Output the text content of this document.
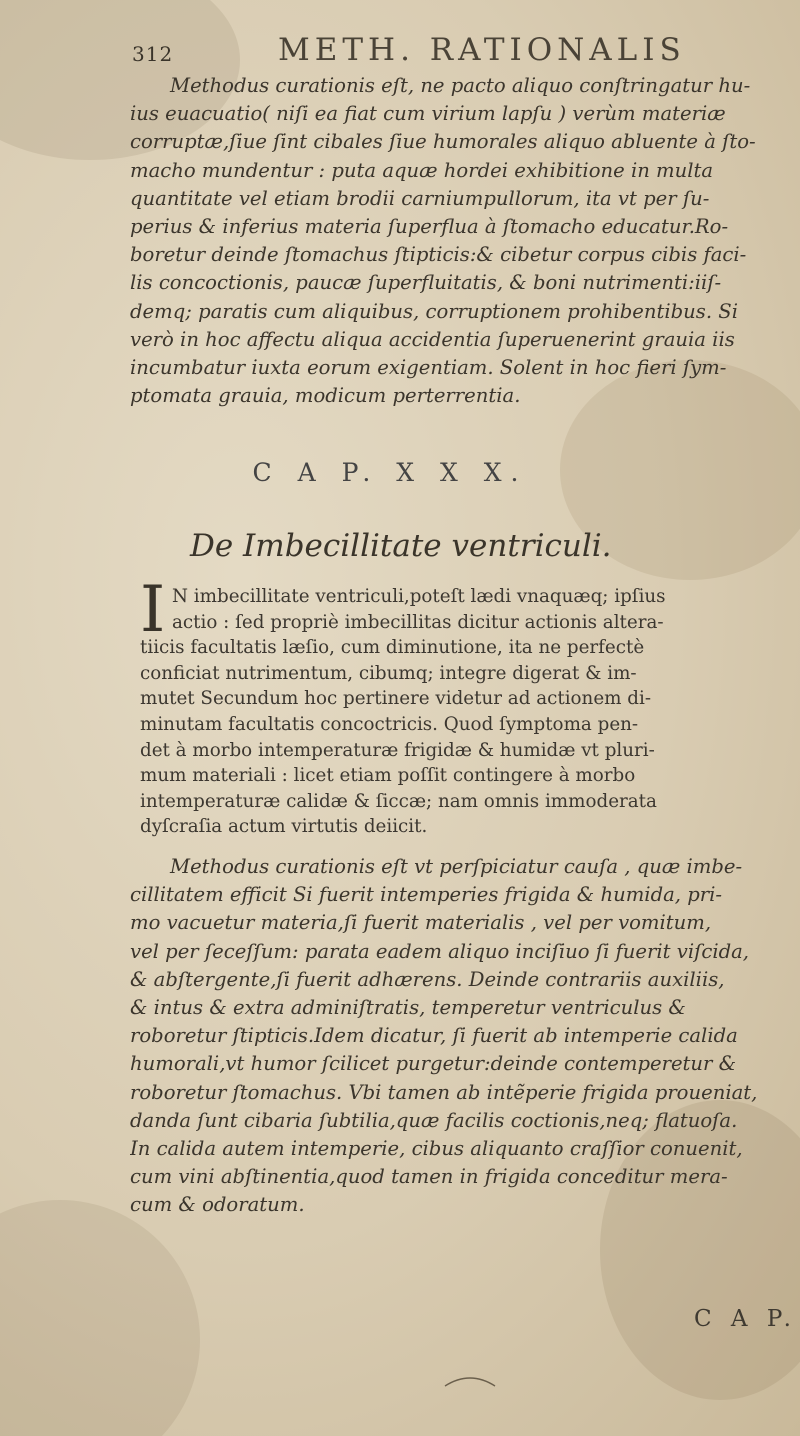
312	METH. RATIONALIS
Methodus curationis eſt, ne pacto aliquo conſtringatur hu-
ius euacuatio( niſi ea fiat cum virium lapſu ) verùm materiæ
corruptæ,ſiue ſint cibales ſiue humorales aliquo abluente à ſto-
macho mundentur : puta aquæ hordei exhibitione in multa
quantitate vel etiam brodii carniumpullorum, ita vt per ſu-
perius & inferius materia ſuperflua à ſtomacho educatur.Ro-
boretur deinde ſtomachus ſtipticis:& cibetur corpus cibis faci-
lis concoctionis, paucæ ſuperfluitatis, & boni nutrimenti:iiſ-
demq; paratis cum aliquibus, corruptionem prohibentibus. Si
verò in hoc affectu aliqua accidentia ſuperuenerint grauia iis
incumbatur iuxta eorum exigentiam. Solent in hoc fieri ſym-
ptomata grauia, modicum perterrentia.
C A P. X X X.
De Imbecillitate ventriculi.
I N imbecillitate ventriculi,poteſt lædi vnaquæq; ipſius
actio : ſed propriè imbecillitas dicitur actionis altera-
tiicis facultatis læſio, cum diminutione, ita ne perfectè
conficiat nutrimentum, cibumq; integre digerat & im-
mutet Secundum hoc pertinere videtur ad actionem di-
minutam facultatis concoctricis. Quod ſymptoma pen-
det à morbo intemperaturæ frigidæ & humidæ vt pluri-
mum materiali : licet etiam poſſit contingere à morbo
intemperaturæ calidæ & ſiccæ; nam omnis immoderata
dyſcraſia actum virtutis deiicit.
Methodus curationis eſt vt perſpiciatur cauſa , quæ imbe-
cillitatem efficit Si fuerit intemperies frigida & humida, pri-
mo vacuetur materia,ſi fuerit materialis , vel per vomitum,
vel per ſeceſſum: parata eadem aliquo inciſiuo ſi fuerit viſcida,
& abſtergente,ſi fuerit adhærens. Deinde contrariis auxiliis,
& intus & extra adminiſtratis, temperetur ventriculus &
roboretur ſtipticis.Idem dicatur, ſi fuerit ab intemperie calida
humorali,vt humor ſcilicet purgetur:deinde contemperetur &
roboretur ſtomachus. Vbi tamen ab intẽperie frigida proueniat,
danda ſunt cibaria ſubtilia,quæ facilis coctionis,neq; flatuoſa.
In calida autem intemperie, cibus aliquanto craſſior conuenit,
cum vini abſtinentia,quod tamen in frigida conceditur mera-
cum & odoratum.
C A P.
